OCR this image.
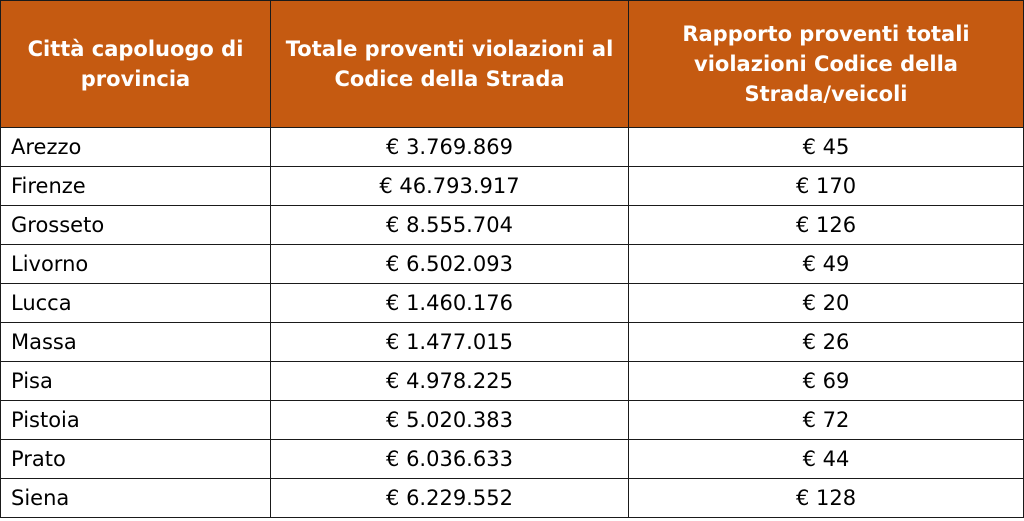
Città capoluogo di provincia	Totale proventi violazioni al Codice della Strada	Rapporto proventi totali violazioni Codice della Strada/veicoli
Arezzo	€ 3.769.869	€ 45
Firenze	€ 46.793.917	€ 170
Grosseto	€ 8.555.704	€ 126
Livorno	€ 6.502.093	€ 49
Lucca	€ 1.460.176	€ 20
Massa	€ 1.477.015	€ 26
Pisa	€ 4.978.225	€ 69
Pistoia	€ 5.020.383	€ 72
Prato	€ 6.036.633	€ 44
Siena	€ 6.229.552	€ 128
